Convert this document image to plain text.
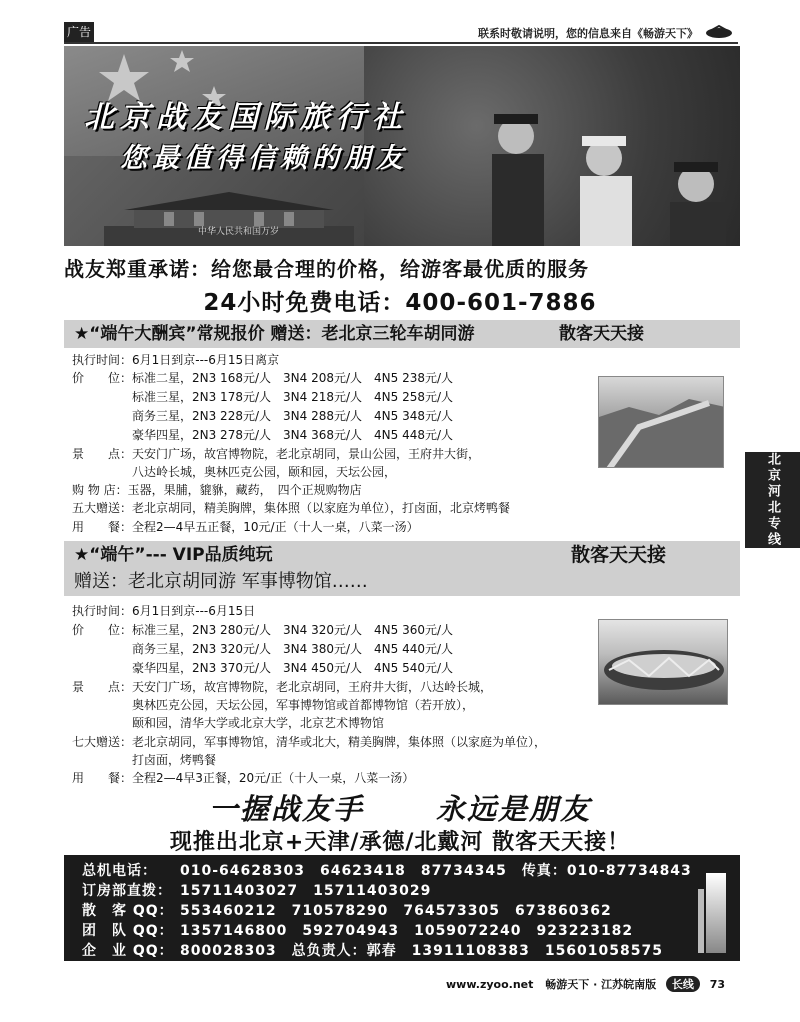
广告	联系时敬请说明，您的信息来自《畅游天下》
北京战友国际旅行社
您最值得信赖的朋友
中华人民共和国万岁
战友郑重承诺：给您最合理的价格，给游客最优质的服务
24小时免费电话：400-601-7886
★“端午大酬宾”常规报价 赠送：老北京三轮车胡同游	散客天天接
执行时间：6月1日到京---6月15日离京
价　　位：标准二星，2N3 168元/人　3N4 208元/人　4N5 238元/人
　　　　　标准三星，2N3 178元/人　3N4 218元/人　4N5 258元/人
　　　　　商务三星，2N3 228元/人　3N4 288元/人　4N5 348元/人
　　　　　豪华四星，2N3 278元/人　3N4 368元/人　4N5 448元/人
景　　点：天安门广场，故宫博物院，老北京胡同，景山公园，王府井大街，
　　　　　八达岭长城，奥林匹克公园，颐和园，天坛公园，
购 物 店：玉器，果脯，貔貅，藏药，　四个正规购物店
五大赠送：老北京胡同，精美胸牌，集体照（以家庭为单位），打卤面，北京烤鸭餐
用　　餐：全程2—4早五正餐，10元/正（十人一桌，八菜一汤）
★“端午”--- VIP品质纯玩	散客天天接
赠送：老北京胡同游 军事博物馆……
执行时间：6月1日到京---6月15日
价　　位：标准三星，2N3 280元/人　3N4 320元/人　4N5 360元/人
　　　　　商务三星，2N3 320元/人　3N4 380元/人　4N5 440元/人
　　　　　豪华四星，2N3 370元/人　3N4 450元/人　4N5 540元/人
景　　点：天安门广场，故宫博物院，老北京胡同，王府井大街，八达岭长城，
　　　　　奥林匹克公园，天坛公园，军事博物馆或首都博物馆（若开放），
　　　　　颐和园，清华大学或北京大学，北京艺术博物馆
七大赠送：老北京胡同，军事博物馆，清华或北大，精美胸牌，集体照（以家庭为单位），
　　　　　打卤面，烤鸭餐
用　　餐：全程2—4早3正餐，20元/正（十人一桌，八菜一汤）
北京河北专线
一握战友手 永远是朋友
现推出北京+天津/承德/北戴河 散客天天接！
总机电话： 010-64628303　64623418　87734345　传真：010-87734843
订房部直拨： 15711403027　15711403029
散　客 QQ： 553460212　710578290　764573305　673860362
团　队 QQ： 1357146800　592704943　1059072240　923223182
企　业 QQ： 800028303　总负责人：郭春　13911108383　15601058575
www.zyoo.net 畅游天下 · 江苏皖南版 长线 73
